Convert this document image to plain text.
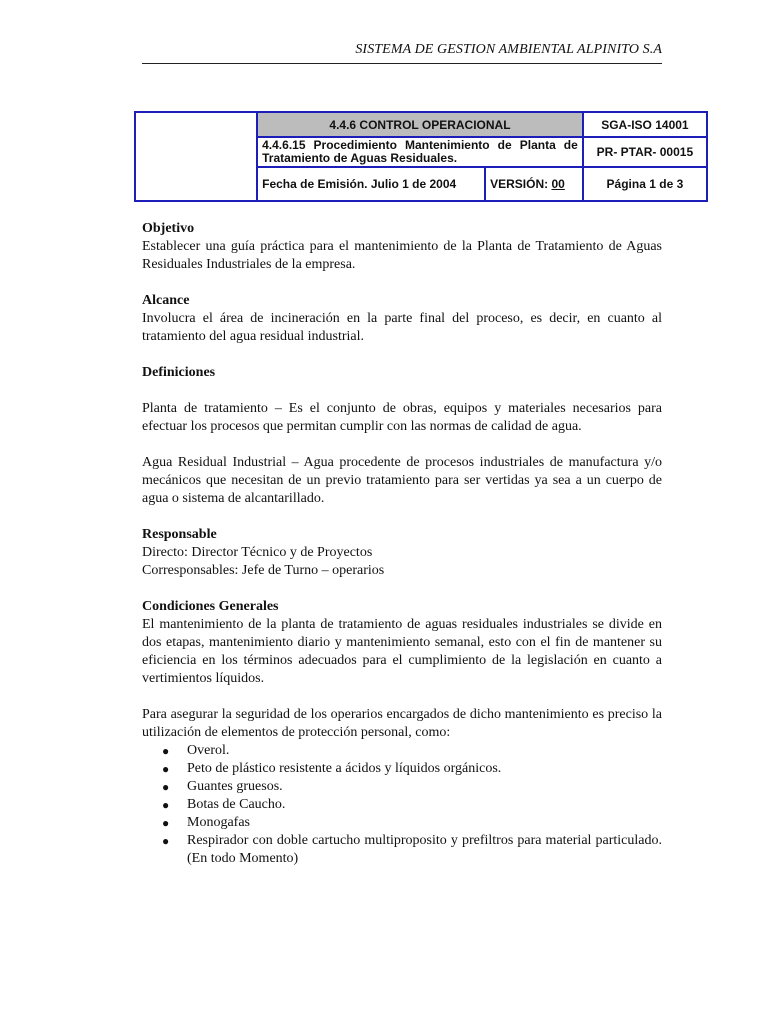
SISTEMA DE GESTION AMBIENTAL ALPINITO S.A
	4.4.6 CONTROL OPERACIONAL		SGA-ISO 14001

	4.4.6.15 Procedimiento Mantenimiento de Planta de
Tratamiento de Aguas Residuales.		PR- PTAR- 00015
	Fecha de Emisión. Julio 1 de 2004	VERSIÓN: 00	Página 1 de 3
Objetivo
Establecer una guía práctica para el mantenimiento de la Planta de Tratamiento de Aguas Residuales Industriales de la empresa.
Alcance
Involucra el área de incineración en la parte final del proceso, es decir, en cuanto al tratamiento del agua residual industrial.
Definiciones
Planta de tratamiento – Es el conjunto de obras, equipos y materiales necesarios para efectuar los procesos que permitan cumplir con las normas de calidad de agua.
Agua Residual Industrial – Agua procedente de procesos industriales de manufactura y/o mecánicos que necesitan de un previo tratamiento para ser vertidas ya sea a un cuerpo de agua o sistema de alcantarillado.
Responsable
Directo: Director Técnico y de Proyectos
Corresponsables: Jefe de Turno – operarios
Condiciones Generales
El mantenimiento de la planta de tratamiento de aguas residuales industriales se divide en dos etapas, mantenimiento diario y mantenimiento semanal, esto con el fin de mantener su eficiencia en los términos adecuados para el cumplimiento de la legislación en cuanto a vertimientos líquidos.
Para asegurar la seguridad de los operarios encargados de dicho mantenimiento es preciso la utilización de elementos de protección personal, como:
● Overol.
● Peto de plástico resistente a ácidos y líquidos orgánicos.
● Guantes gruesos.
● Botas de Caucho.
● Monogafas
● Respirador con doble cartucho multiproposito y prefiltros para material particulado. (En todo Momento)
